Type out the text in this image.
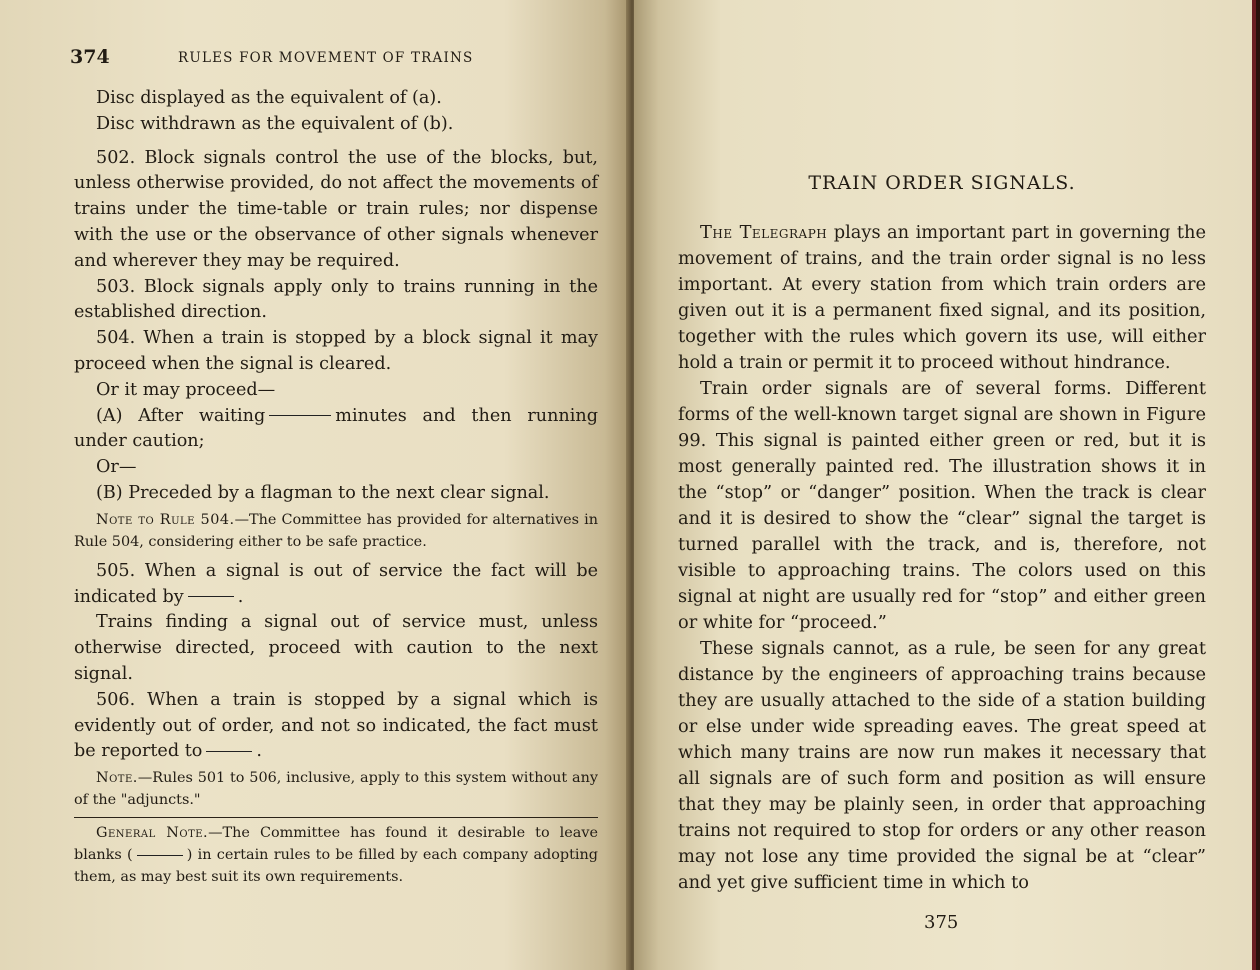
374	RULES FOR MOVEMENT OF TRAINS

Disc displayed as the equivalent of (a).

Disc withdrawn as the equivalent of (b).

502. Block signals control the use of the blocks, but, unless otherwise provided, do not affect the movements of trains under the time-table or train rules; nor dispense with the use or the observance of other signals whenever and wherever they may be required.

503. Block signals apply only to trains running in the established direction.

504. When a train is stopped by a block signal it may proceed when the signal is cleared.

Or it may proceed—

(A) After waiting	minutes and then running under caution;

Or—

(B) Preceded by a flagman to the next clear signal.

Note to Rule 504.—The Committee has provided for alternatives in Rule 504, considering either to be safe practice.

505. When a signal is out of service the fact will be indicated by	.

Trains finding a signal out of service must, unless otherwise directed, proceed with caution to the next signal.

506. When a train is stopped by a signal which is evidently out of order, and not so indicated, the fact must be reported to	.

Note.—Rules 501 to 506, inclusive, apply to this system without any of the "adjuncts."

General Note.—The Committee has found it desirable to leave blanks (	) in certain rules to be filled by each company adopting them, as may best suit its own requirements.

TRAIN ORDER SIGNALS.

The Telegraph plays an important part in governing the movement of trains, and the train order signal is no less important. At every station from which train orders are given out it is a permanent fixed signal, and its position, together with the rules which govern its use, will either hold a train or permit it to proceed without hindrance.

Train order signals are of several forms. Different forms of the well-known target signal are shown in Figure 99. This signal is painted either green or red, but it is most generally painted red. The illustration shows it in the “stop” or “danger” position. When the track is clear and it is desired to show the “clear” signal the target is turned parallel with the track, and is, therefore, not visible to approaching trains. The colors used on this signal at night are usually red for “stop” and either green or white for “proceed.”

These signals cannot, as a rule, be seen for any great distance by the engineers of approaching trains because they are usually attached to the side of a station building or else under wide spreading eaves. The great speed at which many trains are now run makes it necessary that all signals are of such form and position as will ensure that they may be plainly seen, in order that approaching trains not required to stop for orders or any other reason may not lose any time provided the signal be at “clear” and yet give sufficient time in which to

375
